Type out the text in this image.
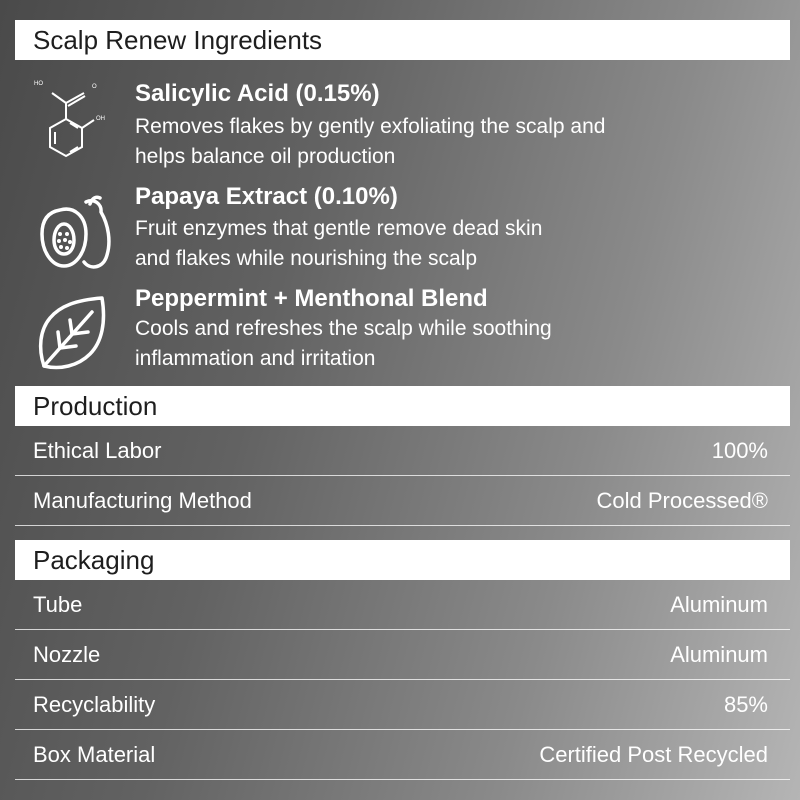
Scalp Renew Ingredients
HO	O
OH
Salicylic Acid (0.15%)
Removes flakes by gently exfoliating the scalp and
helps balance oil production
Papaya Extract (0.10%)
Fruit enzymes that gentle remove dead skin
and flakes while nourishing the scalp
Peppermint + Menthonal Blend
Cools and refreshes the scalp while soothing
inflammation and irritation
Production
Ethical Labor	100%
Manufacturing Method	Cold Processed®
Packaging
Tube	Aluminum
Nozzle	Aluminum
Recyclability	85%
Box Material	Certified Post Recycled
